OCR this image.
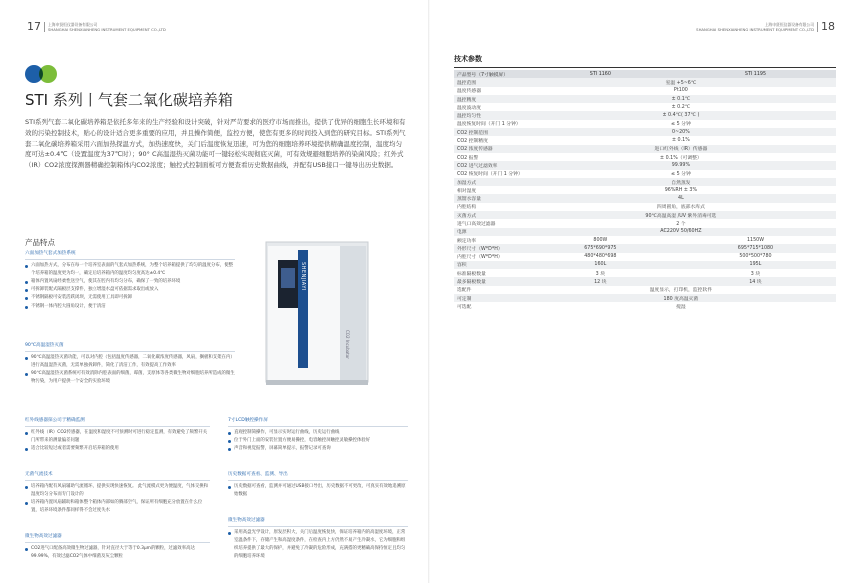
17 上海申贤恒仪器设备有限公司
SHANGHAI SHENXIANHENG INSTRUMENT EQUIPMENT CO.,LTD
STI 系列丨气套二氧化碳培养箱
STI系列气套二氧化碳培养箱是依托多年来的生产经验和设计突破，针对严苛要求的医疗市场而推出，提供了优异的细胞生长环境和有效的污染控制技术，贴心的设计适合更多重要的应用，并且操作简便，监控方便，使您有更多的时间投入到您的研究目标。STI系列气套二氧化碳培养箱采用六面加热探温方式，加热速度快，关门后温度恢复迅速，可为您的细胞培养环境提供精确温度控制，温度均匀度可达±0.4℃（设置温度为37℃时）；90° C高温湿热灭菌功能可一键轻松实现彻底灭菌，可有效规避细胞培养的染菌风险；红外式（IR）CO2浓度探测器精确控制箱体内CO2浓度；触控式控制面板可方便查看历史数据曲线，并配有USB接口一键导出历史数据。
产品特点
SHENJIAYI
CO2 Incubator
六面加热气套式加热系统
六面加热方式，分布在每一个培养室表面的气套式加热系统，为整个培养箱提供了均匀的温度分布，使整个培养箱的温度更为均一，确定后培养箱内的温度均匀度高达±0.4℃
箱体内置风扇经柔性送空气，使其在腔内有均匀分布，确保了一致的培养环境
可拆卸装配式隔板层支撑件，独立增湿水盘可依据需求取出或放入
不锈钢隔板可安装活跃闭坝，无需使用工具即可拆卸
不锈钢一体内腔大圆角设计，便于清洁
90℃高温湿热灭菌
90℃高温湿热灭菌功能，可以对内腔（包括温度传感器，二氧化碳浓度传感器，风扇，搁板和支架在内）进行高温湿热灭菌，无需单独拆卸件，简化了清洁工作，有效提高工作效率
90℃高温湿热灭菌系统可有效消除内腔表面的细菌，霉菌，支原体等各类微生物对细胞培养所造成的微生物污染，为用户提供一个安全的实验环境
红外线感器探公司于精确监测
红外线（IR）CO2传感器，在温度和湿度不可预测时可进行稳定监测，有效避免了频繁开关门所带来的测量偏差问题
适合比较短过或者需要频繁开启培养箱的使用
无菌气流技术
培养箱内配有风扇辅助气流循环，提供实现快速恢复。 此气流模式更为便温度，气体交换和湿度均匀分布而专门设计的
培养箱内置风扇辅助和箱体整个箱体内部如的腾部空气，保证所有细胞充分放置在什么位置，培养环境条件都同样得不会过度失水
微生物高效过滤器
CO2进气口配备高效微生物过滤器，针对直径大于等于0.3μm的颗粒，过滤效率高达99.99%，有效过滤CO2气体中细菌及灰尘颗粒
7寸LCD触控操作屏
直观控制简操作，可显示实时运行曲线，历史运行曲线
位于外门上面的安装位置方便易操控，电容触控屏触控灵敏操控体验好
声音和视觉报警，屏幕简单提示，报警记录可查询
历史数据可查看、监测、导出
历史数据可查看，监测并可通过USB接口导出，历史数据不可更改，可真实有效地追溯原始数据
微生物高效过滤器
采用高盘光学设计，原发层积大，关门后温度恢复快，保证培养箱内的高湿度环境，正常室温条件下，存储产生和高湿度条件，在检查内上方仍然不易产生冷凝水，它为细胞和组织培养提供了最大的保护，并避免了冷凝的危险形成，充满搭的更精确高保持恒定且均匀的细胞培养环境
上海申贤恒仪器设备有限公司
SHANGHAI SHENXIANHENG INSTRUMENT EQUIPMENT CO.,LTD 18
技术参数
产品型号（7寸触摸屏）	STI 1160	STI 1195
温控范围	室温 +5~6℃	
温度传感器	Pt100	
温控精度	± 0.1℃	
温度波动度	± 0.2℃	
温控均匀性	± 0.4℃( 37℃ )	
温度恢复时间（开门 1 分钟）	≤ 5 分钟	
CO2 控制范围	0~20%	
CO2 控制精度	± 0.1%	
CO2 浓度传感器	进口红外线（IR）传感器	
CO2 报警	± 0.1%（可调整）	
CO2 进气过滤效率	99.99%	
CO2 恢复时间（开门 1 分钟）	≤ 5 分钟	
加湿方式	自然蒸发	
相对湿度	96%RH ± 3%	
蒸馏水容量	4L	
内腔结构	四周圆角，底部水库式	
灭菌方式	90℃高温高湿 /UV 紫外消毒可选	
进气口高效过滤器	2 个	
电源	AC220V 50/60HZ	
额定功率	800W	1150W
外形尺寸（W*D*H）	675*690*975	695*715*1080
内腔尺寸（W*D*H）	480*480*698	500*500*780
容积	160L	195L
标准隔板数量	3 块	3 块
最多隔板数量	12 块	14 块
选配件	温度显示，打印机，监控软件	
可定制	180 度高温灭菌	
可选配	搅湿	
